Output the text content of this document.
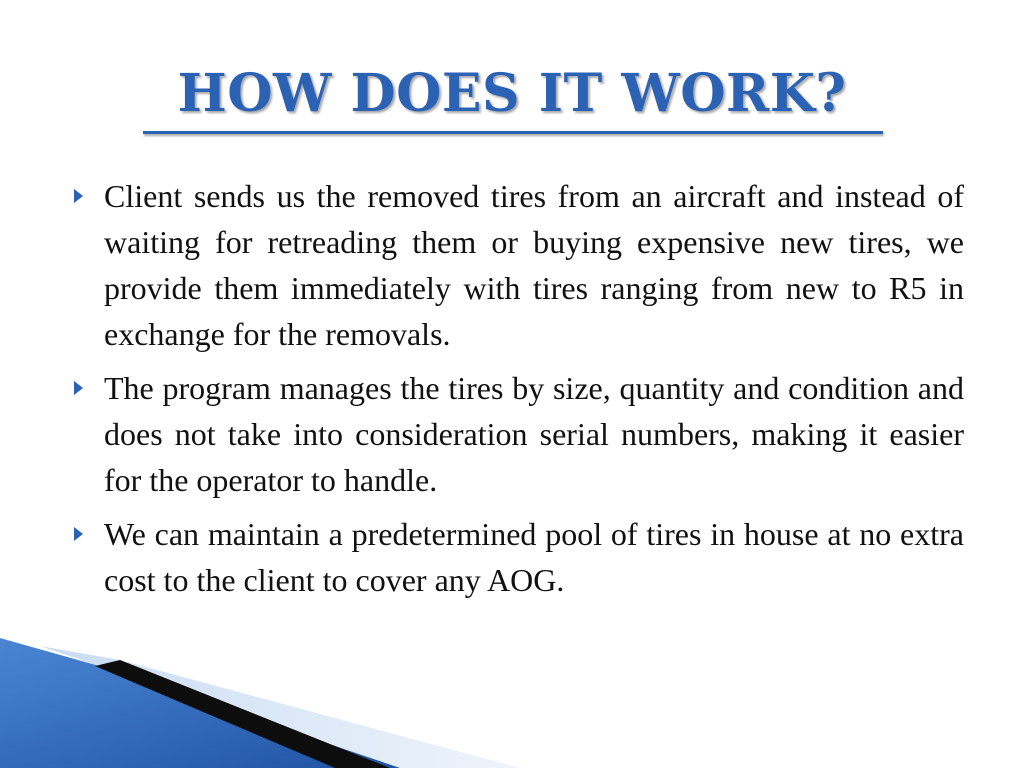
HOW DOES IT WORK?
Client sends us the removed tires from an aircraft and instead of waiting for retreading them or buying expensive new tires, we provide them immediately with tires ranging from new to R5 in exchange for the removals.
The program manages the tires by size, quantity and condition and does not take into consideration serial numbers, making it easier for the operator to handle.
We can maintain a predetermined pool of tires in house at no extra cost to the client to cover any AOG.
